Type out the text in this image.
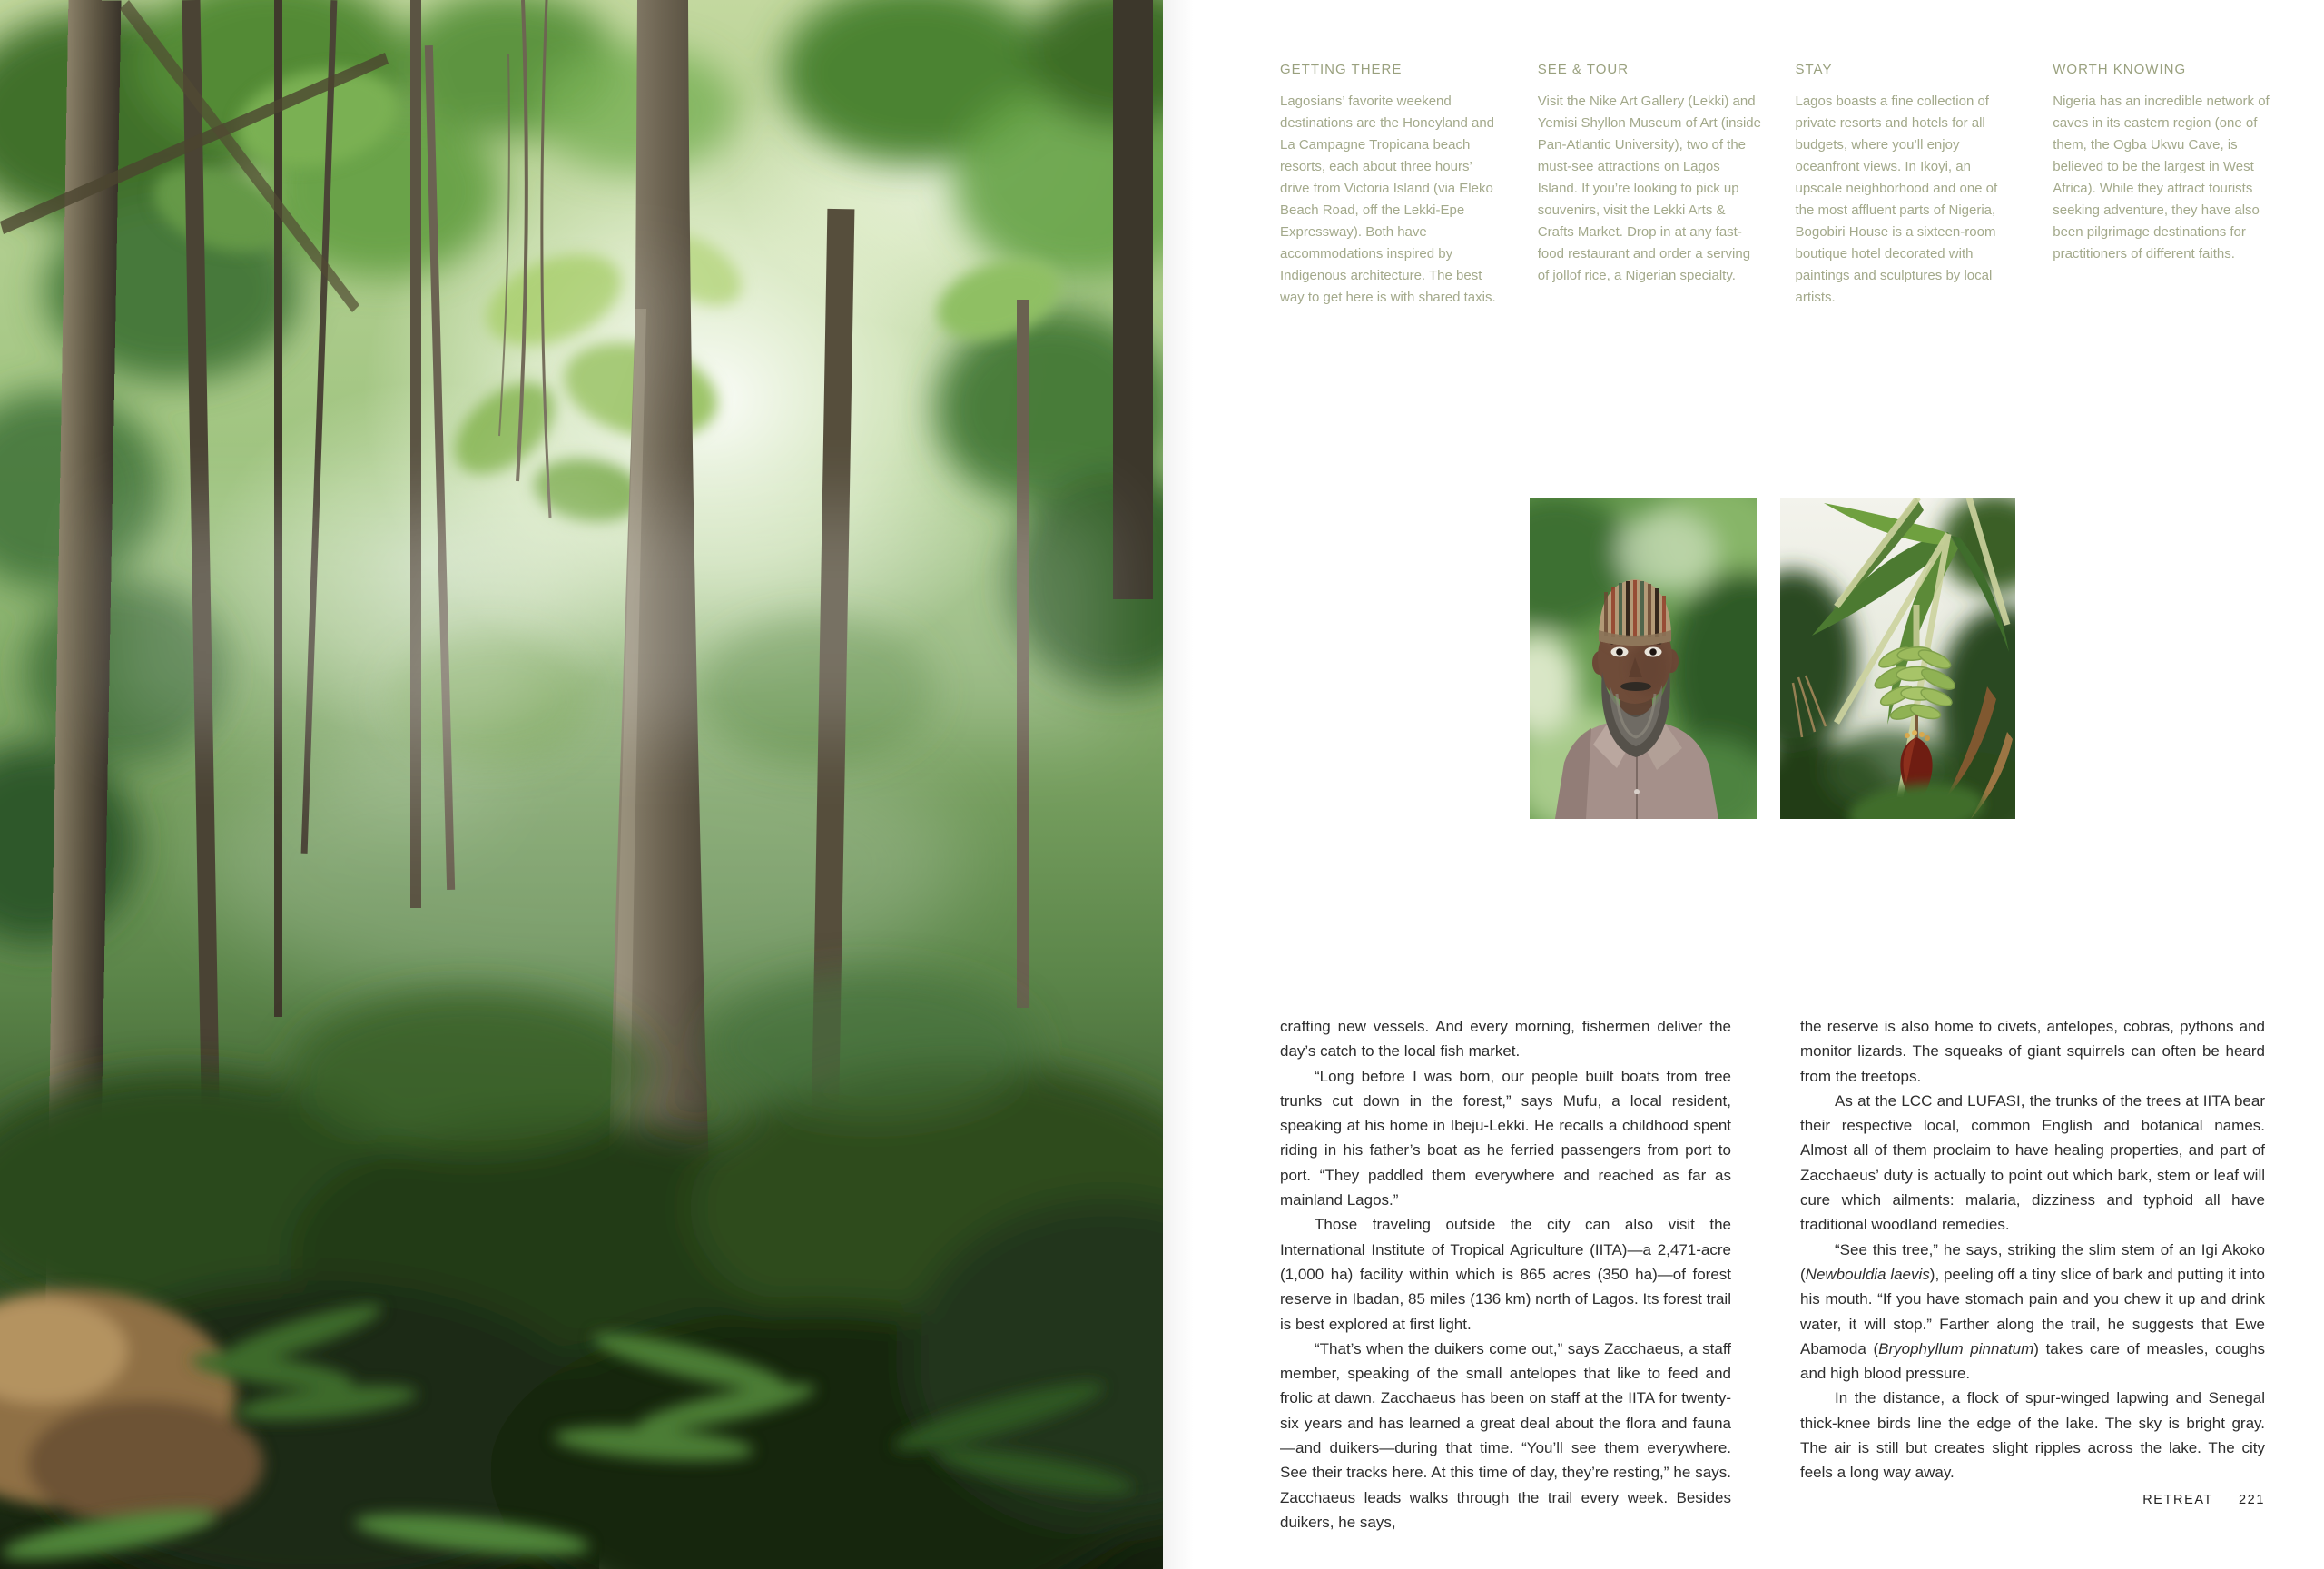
GETTING THERE

Lagosians’ favorite weekend destinations are the Honeyland and La Campagne Tropicana beach resorts, each about three hours’ drive from Victoria Island (via Eleko Beach Road, off the Lekki-Epe Expressway). Both have accommodations inspired by Indigenous architecture. The best way to get here is with shared taxis.

SEE & TOUR

Visit the Nike Art Gallery (Lekki) and Yemisi Shyllon Museum of Art (inside Pan-Atlantic University), two of the must-see attractions on Lagos Island. If you’re looking to pick up souvenirs, visit the Lekki Arts & Crafts Market. Drop in at any fast-food restaurant and order a serving of jollof rice, a Nigerian specialty.

STAY

Lagos boasts a fine collection of private resorts and hotels for all budgets, where you’ll enjoy oceanfront views. In Ikoyi, an upscale neighborhood and one of the most affluent parts of Nigeria, Bogobiri House is a sixteen-room boutique hotel decorated with paintings and sculptures by local artists.

WORTH KNOWING

Nigeria has an incredible network of caves in its eastern region (one of them, the Ogba Ukwu Cave, is believed to be the largest in West Africa). While they attract tourists seeking adventure, they have also been pilgrimage destinations for practitioners of different faiths.

crafting new vessels. And every morning, fishermen deliver the day’s catch to the local fish market.

“Long before I was born, our people built boats from tree trunks cut down in the forest,” says Mufu, a local resident, speaking at his home in Ibeju-Lekki. He recalls a childhood spent riding in his father’s boat as he ferried passengers from port to port. “They paddled them everywhere and reached as far as mainland Lagos.”

Those traveling outside the city can also visit the International Institute of Tropical Agriculture (IITA)—a 2,471-acre (1,000 ha) facility within which is 865 acres (350 ha)—of forest reserve in Ibadan, 85 miles (136 km) north of Lagos. Its forest trail is best explored at first light.

“That’s when the duikers come out,” says Zacchaeus, a staff member, speaking of the small antelopes that like to feed and frolic at dawn. Zacchaeus has been on staff at the IITA for twenty-six years and has learned a great deal about the flora and fauna—and duikers—during that time. “You’ll see them everywhere. See their tracks here. At this time of day, they’re resting,” he says. Zacchaeus leads walks through the trail every week. Besides duikers, he says,

the reserve is also home to civets, antelopes, cobras, pythons and monitor lizards. The squeaks of giant squirrels can often be heard from the treetops.

As at the LCC and LUFASI, the trunks of the trees at IITA bear their respective local, common English and botanical names. Almost all of them proclaim to have healing properties, and part of Zacchaeus’ duty is actually to point out which bark, stem or leaf will cure which ailments: malaria, dizziness and typhoid all have traditional woodland remedies.

“See this tree,” he says, striking the slim stem of an Igi Akoko (Newbouldia laevis), peeling off a tiny slice of bark and putting it into his mouth. “If you have stomach pain and you chew it up and drink water, it will stop.” Farther along the trail, he suggests that Ewe Abamoda (Bryophyllum pinnatum) takes care of measles, coughs and high blood pressure.

In the distance, a flock of spur-winged lapwing and Senegal thick-knee birds line the edge of the lake. The sky is bright gray. The air is still but creates slight ripples across the lake. The city feels a long way away.

RETREAT 221
